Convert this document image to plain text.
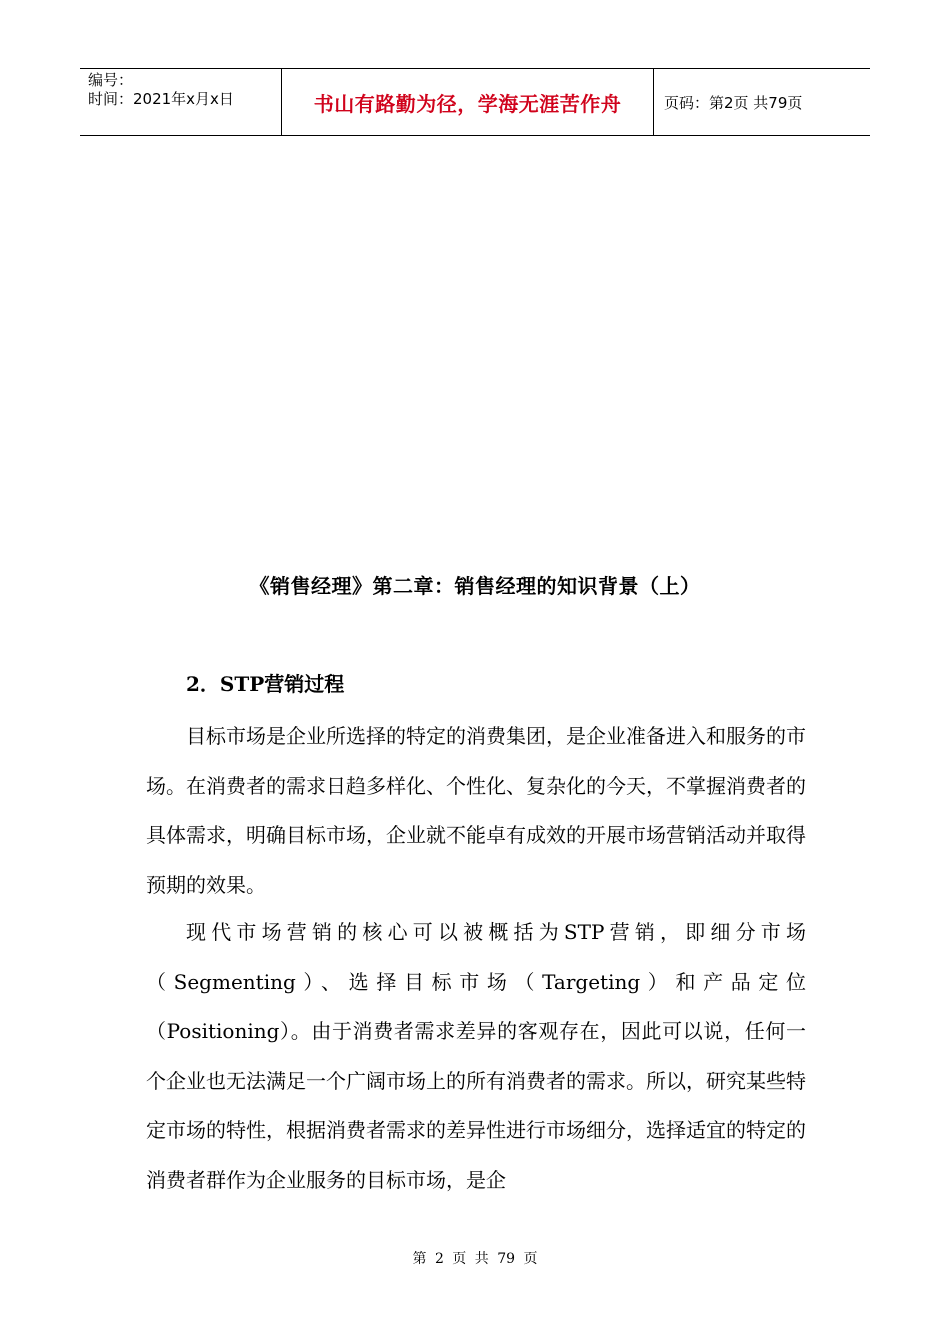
编号：
时间：2021年x月x日	书山有路勤为径，学海无涯苦作舟	页码：第2页 共79页
《销售经理》第二章：销售经理的知识背景（上）
2．STP营销过程

目标市场是企业所选择的特定的消费集团，是企业准备进入和服务的市场。在消费者的需求日趋多样化、个性化、复杂化的今天，不掌握消费者的具体需求，明确目标市场，企业就不能卓有成效的开展市场营销活动并取得预期的效果。

现代市场营销的核心可以被概括为STP营销，即细分市场（Segmenting）、选择目标市场（Targeting）和产品定位（Positioning）。由于消费者需求差异的客观存在，因此可以说，任何一个企业也无法满足一个广阔市场上的所有消费者的需求。所以，研究某些特定市场的特性，根据消费者需求的差异性进行市场细分，选择适宜的特定的消费者群作为企业服务的目标市场，是企

第 2 页 共 79 页
